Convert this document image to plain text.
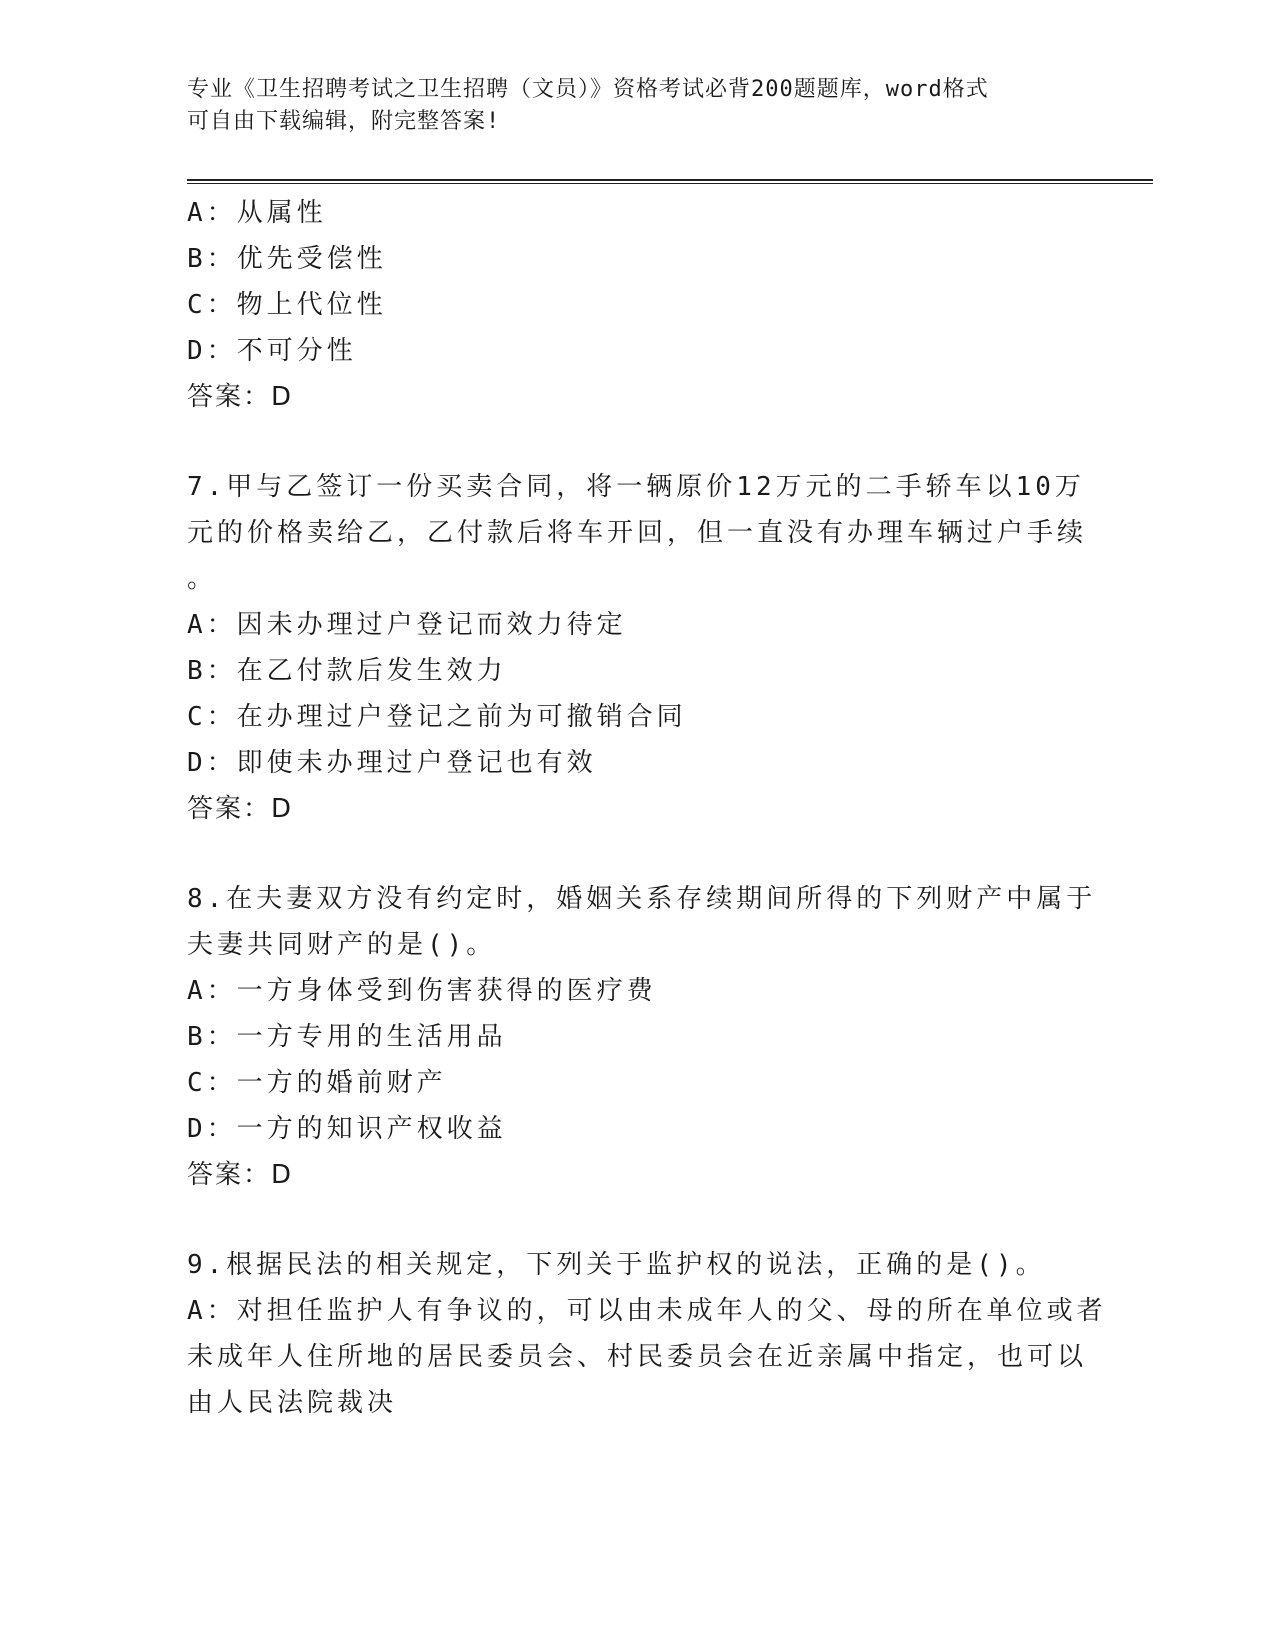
专业《卫生招聘考试之卫生招聘（文员）》资格考试必背200题题库，word格式
可自由下载编辑，附完整答案!
A：从属性
B：优先受偿性
C：物上代位性
D：不可分性
答案：D
7.甲与乙签订一份买卖合同，将一辆原价12万元的二手轿车以10万
元的价格卖给乙，乙付款后将车开回，但一直没有办理车辆过户手续
。
A：因未办理过户登记而效力待定
B：在乙付款后发生效力
C：在办理过户登记之前为可撤销合同
D：即使未办理过户登记也有效
答案：D
8.在夫妻双方没有约定时，婚姻关系存续期间所得的下列财产中属于
夫妻共同财产的是()。
A：一方身体受到伤害获得的医疗费
B：一方专用的生活用品
C：一方的婚前财产
D：一方的知识产权收益
答案：D
9.根据民法的相关规定，下列关于监护权的说法，正确的是()。
A：对担任监护人有争议的，可以由未成年人的父、母的所在单位或者
未成年人住所地的居民委员会、村民委员会在近亲属中指定，也可以
由人民法院裁决
